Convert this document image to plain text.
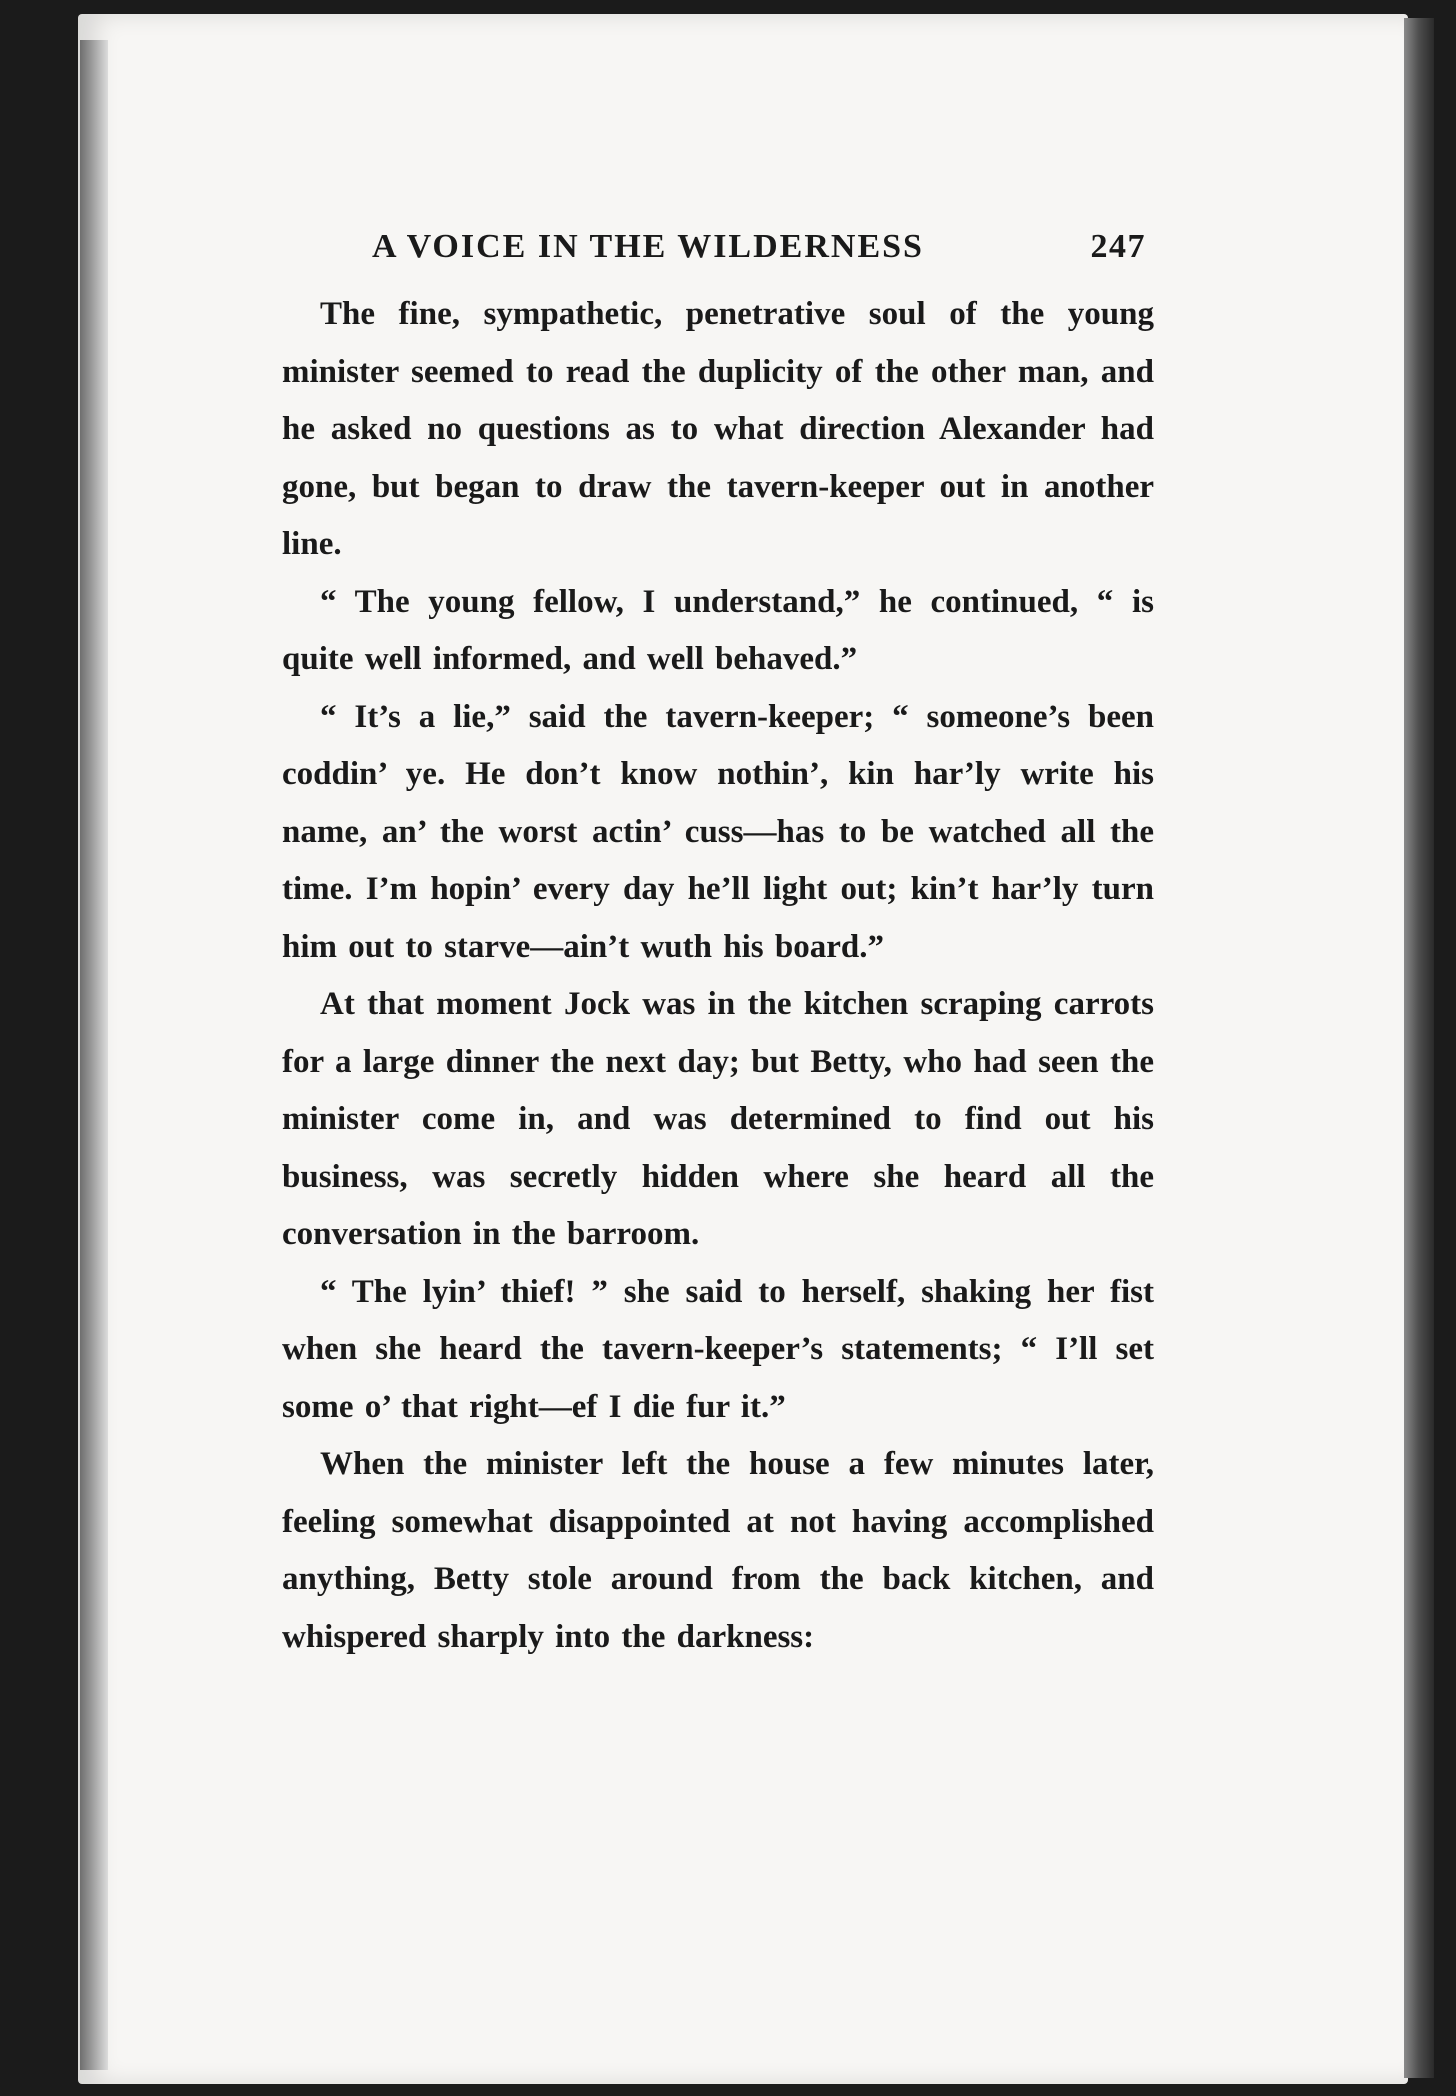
A VOICE IN THE WILDERNESS	247

The fine, sympathetic, penetrative soul of the young minister seemed to read the duplicity of the other man, and he asked no questions as to what direction Alexander had gone, but began to draw the tavern-keeper out in another line.

“ The young fellow, I understand,” he continued, “ is quite well informed, and well behaved.”

“ It’s a lie,” said the tavern-keeper; “ someone’s been coddin’ ye. He don’t know nothin’, kin har’ly write his name, an’ the worst actin’ cuss—has to be watched all the time. I’m hopin’ every day he’ll light out; kin’t har’ly turn him out to starve—ain’t wuth his board.”

At that moment Jock was in the kitchen scraping carrots for a large dinner the next day; but Betty, who had seen the minister come in, and was determined to find out his business, was secretly hidden where she heard all the conversation in the barroom.

“ The lyin’ thief! ” she said to herself, shaking her fist when she heard the tavern-keeper’s statements; “ I’ll set some o’ that right—ef I die fur it.”

When the minister left the house a few minutes later, feeling somewhat disappointed at not having accomplished anything, Betty stole around from the back kitchen, and whispered sharply into the darkness:
